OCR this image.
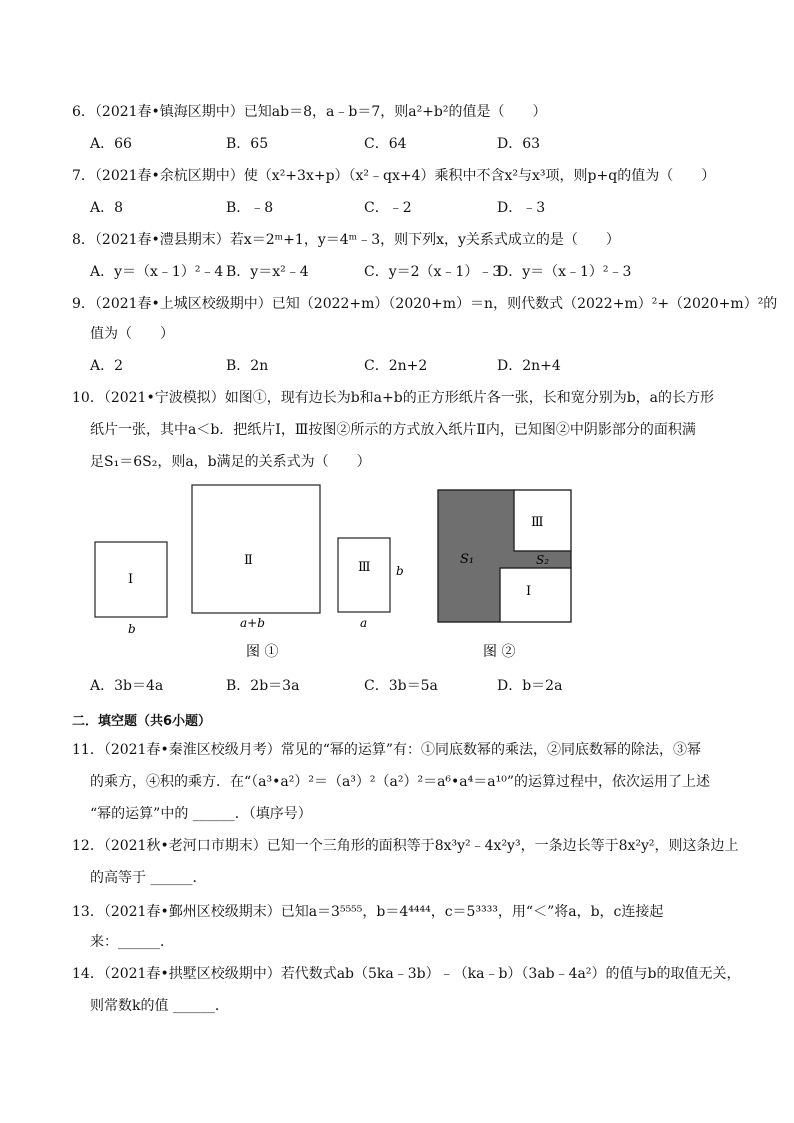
6．（2021春•镇海区期中）已知ab＝8，a﹣b＝7，则a²+b²的值是（　　）
A．66	B．65	C．64	D．63
7．（2021春•余杭区期中）使（x²+3x+p）（x²﹣qx+4）乘积中不含x²与x³项，则p+q的值为（　　）
A．8	B．﹣8	C．﹣2	D．﹣3
8．（2021春•澧县期末）若x＝2ᵐ+1，y＝4ᵐ﹣3，则下列x，y关系式成立的是（　　）
A．y＝（x﹣1）²﹣4 B．y＝x²﹣4	C．y＝2（x﹣1）﹣3
D．y＝（x﹣1）²﹣3
9．（2021春•上城区校级期中）已知（2022+m）（2020+m）＝n，则代数式（2022+m）²+（2020+m）²的
值为（　　）
A．2	B．2n	C．2n+2	D．2n+4
10．（2021•宁波模拟）如图①，现有边长为b和a+b的正方形纸片各一张，长和宽分别为b，a的长方形
纸片一张，其中a＜b．把纸片Ⅰ，Ⅲ按图②所示的方式放入纸片Ⅱ内，已知图②中阴影部分的面积满
足S₁＝6S₂，则a，b满足的关系式为（　　）
Ⅰ
b
Ⅱ
a+b
Ⅲ
a
b
图 ①
Ⅲ
Ⅰ
S₁	S₂
图 ②
A．3b＝4a	B．2b＝3a	C．3b＝5a	D．b＝2a
二．填空题（共6小题）
11．（2021春•秦淮区校级月考）常见的“幂的运算”有：①同底数幂的乘法，②同底数幂的除法，③幂
的乘方，④积的乘方．在“（a³•a²）²＝（a³）²（a²）²＝a⁶•a⁴＝a¹⁰”的运算过程中，依次运用了上述
“幂的运算”中的 ______．（填序号）
12．（2021秋•老河口市期末）已知一个三角形的面积等于8x³y²﹣4x²y³，一条边长等于8x²y²，则这条边上
的高等于 ______．
13．（2021春•鄞州区校级期末）已知a＝3⁵⁵⁵⁵，b＝4⁴⁴⁴⁴，c＝5³³³³，用“＜”将a，b，c连接起
来：______．
14．（2021春•拱墅区校级期中）若代数式ab（5ka﹣3b）﹣（ka﹣b）（3ab﹣4a²）的值与b的取值无关，
则常数k的值 ______．
